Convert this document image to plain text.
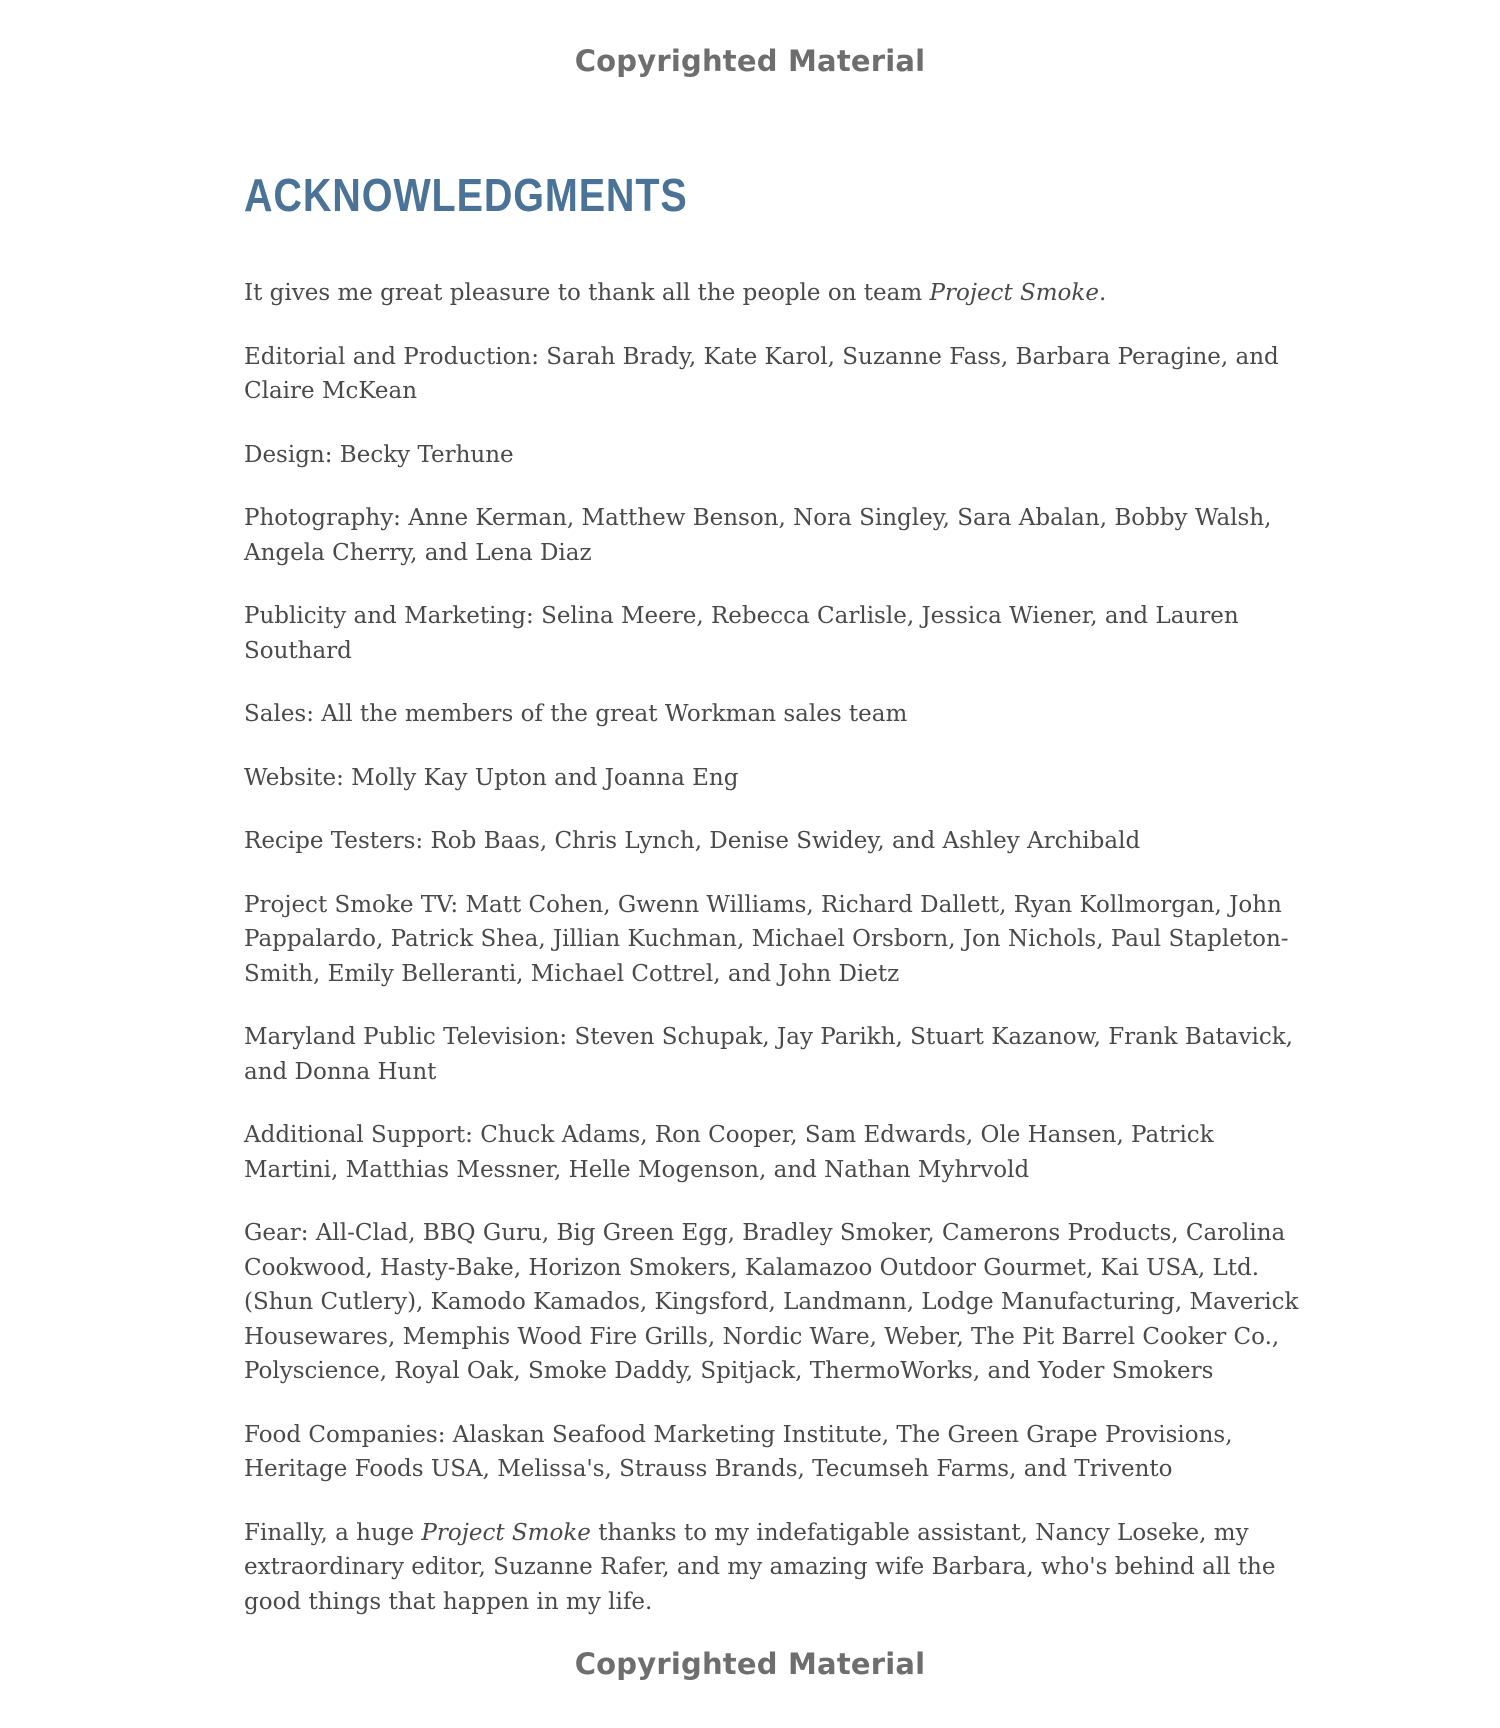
Copyrighted Material
ACKNOWLEDGMENTS

It gives me great pleasure to thank all the people on team Project Smoke.

Editorial and Production: Sarah Brady, Kate Karol, Suzanne Fass, Barbara Peragine, and Claire McKean

Design: Becky Terhune

Photography: Anne Kerman, Matthew Benson, Nora Singley, Sara Abalan, Bobby Walsh, Angela Cherry, and Lena Diaz

Publicity and Marketing: Selina Meere, Rebecca Carlisle, Jessica Wiener, and Lauren Southard

Sales: All the members of the great Workman sales team

Website: Molly Kay Upton and Joanna Eng

Recipe Testers: Rob Baas, Chris Lynch, Denise Swidey, and Ashley Archibald

Project Smoke TV: Matt Cohen, Gwenn Williams, Richard Dallett, Ryan Kollmorgan, John Pappalardo, Patrick Shea, Jillian Kuchman, Michael Orsborn, Jon Nichols, Paul Stapleton-Smith, Emily Belleranti, Michael Cottrel, and John Dietz

Maryland Public Television: Steven Schupak, Jay Parikh, Stuart Kazanow, Frank Batavick, and Donna Hunt

Additional Support: Chuck Adams, Ron Cooper, Sam Edwards, Ole Hansen, Patrick Martini, Matthias Messner, Helle Mogenson, and Nathan Myhrvold

Gear: All-Clad, BBQ Guru, Big Green Egg, Bradley Smoker, Camerons Products, Carolina Cookwood, Hasty-Bake, Horizon Smokers, Kalamazoo Outdoor Gourmet, Kai USA, Ltd. (Shun Cutlery), Kamodo Kamados, Kingsford, Landmann, Lodge Manufacturing, Maverick Housewares, Memphis Wood Fire Grills, Nordic Ware, Weber, The Pit Barrel Cooker Co., Polyscience, Royal Oak, Smoke Daddy, Spitjack, ThermoWorks, and Yoder Smokers

Food Companies: Alaskan Seafood Marketing Institute, The Green Grape Provisions, Heritage Foods USA, Melissa's, Strauss Brands, Tecumseh Farms, and Trivento

Finally, a huge Project Smoke thanks to my indefatigable assistant, Nancy Loseke, my extraordinary editor, Suzanne Rafer, and my amazing wife Barbara, who's behind all the good things that happen in my life.

Copyrighted Material
